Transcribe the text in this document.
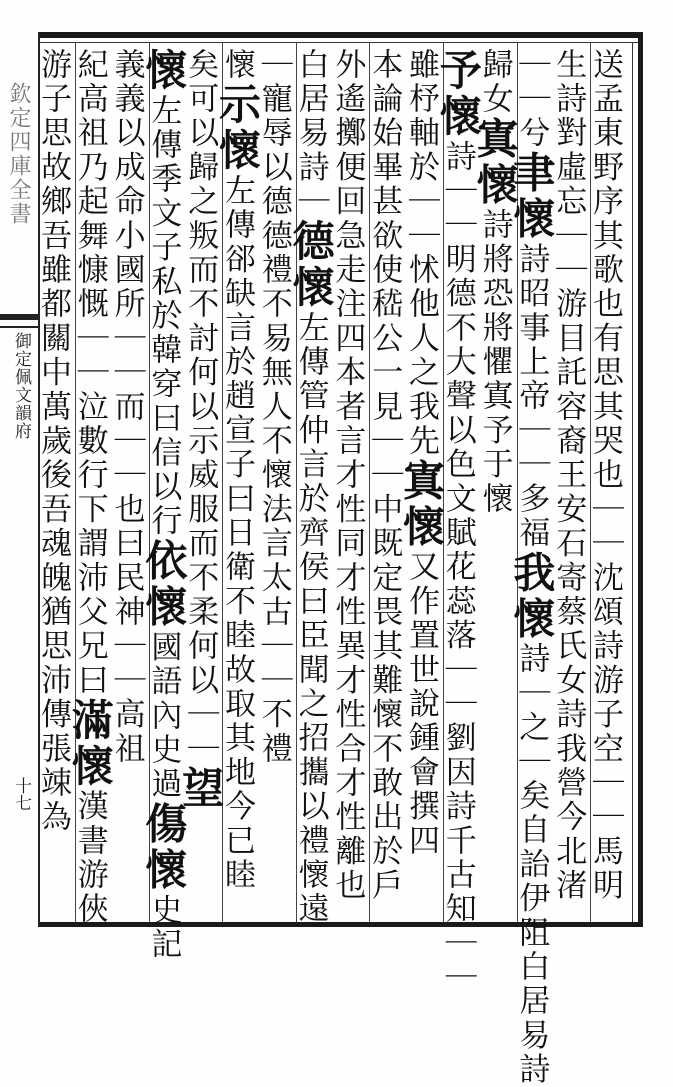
欽定四庫全書
御定佩文韻府
十七	送孟東野序其歌也有思其哭也｜｜沈頌詩游子空｜｜馬明
生詩對虛忘｜｜游目託容裔王安石寄蔡氏女詩我營今北渚
｜｜兮聿懷詩昭事上帝｜｜多福我懷詩｜之｜矣自詒伊阻白居易詩
歸女寘懷詩將恐將懼寘予于懷
予懷詩｜｜明德不大聲以色文賦花蕊落｜｜劉因詩千古知｜｜
雖杼軸於｜｜怵他人之我先寘懷又作置世說鍾會撰四
本論始畢甚欲使嵇公一見｜｜中既定畏其難懷不敢出於戶
外遙擲便回急走注四本者言才性同才性異才性合才性離也
白居易詩｜德懷左傳管仲言於齊侯曰臣聞之招攜以禮懷遠
｜寵辱以德德禮不易無人不懷法言太古｜｜不禮
懷示懷左傳郤缺言於趙宣子曰日衛不睦故取其地今已睦
矣可以歸之叛而不討何以示威服而不柔何以｜｜望
懷左傳季文子私於韓穿曰信以行依懷國語內史過傷懷史記
義義以成命小國所｜｜而｜｜也曰民神｜｜高祖
紀高祖乃起舞慷慨｜｜泣數行下謂沛父兄曰滿懷漢書游俠
游子思故鄉吾雖都關中萬歲後吾魂魄猶思沛傳張竦為
